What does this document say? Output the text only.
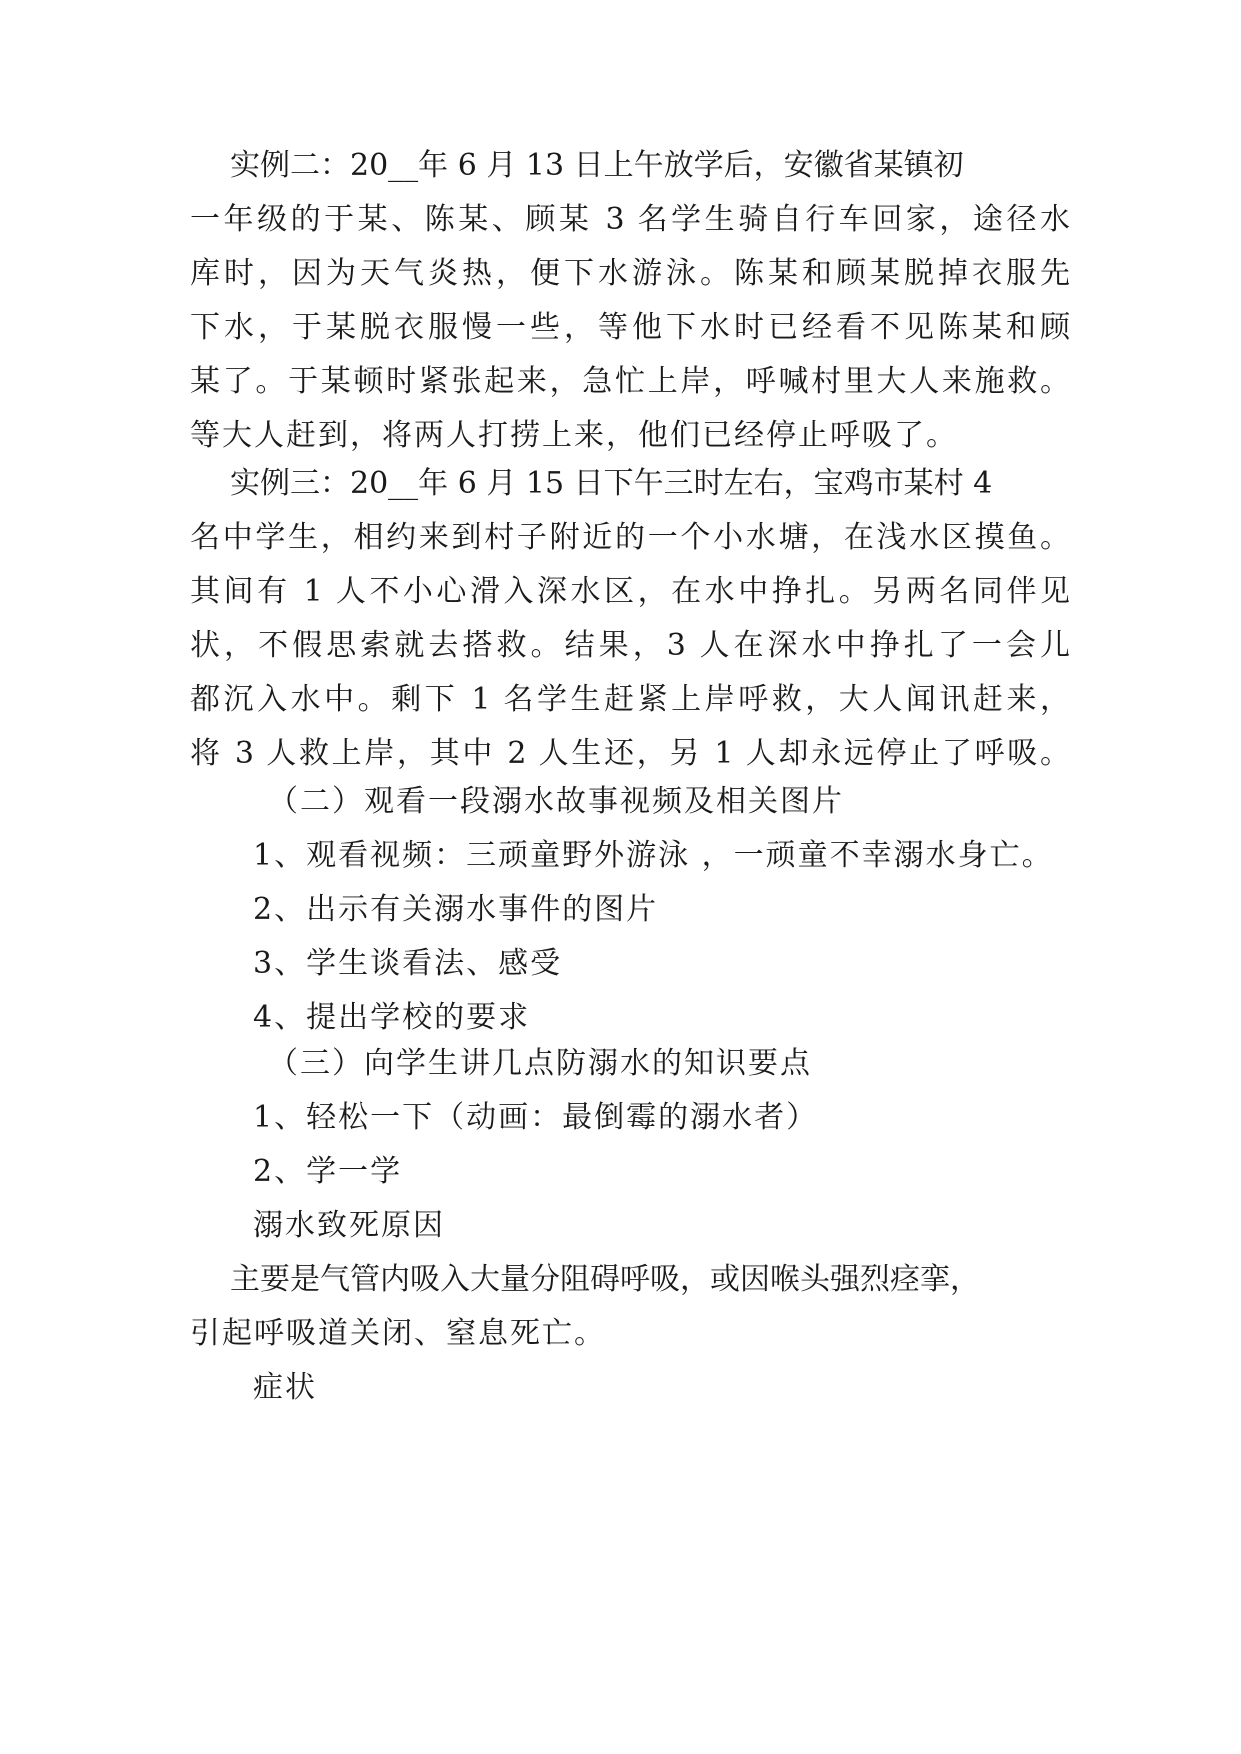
实例二：20__年 6 月 13 日上午放学后，安徽省某镇初
一年级的于某、陈某、顾某 3 名学生骑自行车回家，途径水
库时，因为天气炎热，便下水游泳。陈某和顾某脱掉衣服先
下水，于某脱衣服慢一些，等他下水时已经看不见陈某和顾
某了。于某顿时紧张起来，急忙上岸，呼喊村里大人来施救。
等大人赶到，将两人打捞上来，他们已经停止呼吸了。
实例三：20__年 6 月 15 日下午三时左右，宝鸡市某村 4
名中学生，相约来到村子附近的一个小水塘，在浅水区摸鱼。
其间有 1 人不小心滑入深水区，在水中挣扎。另两名同伴见
状，不假思索就去搭救。结果，3 人在深水中挣扎了一会儿
都沉入水中。剩下 1 名学生赶紧上岸呼救，大人闻讯赶来，
将 3 人救上岸，其中 2 人生还，另 1 人却永远停止了呼吸。
（二）观看一段溺水故事视频及相关图片
1、观看视频：三顽童野外游泳 ，一顽童不幸溺水身亡。
2、出示有关溺水事件的图片
3、学生谈看法、感受
4、提出学校的要求
（三）向学生讲几点防溺水的知识要点
1、轻松一下（动画：最倒霉的溺水者）
2、学一学
溺水致死原因
主要是气管内吸入大量分阻碍呼吸，或因喉头强烈痉挛，
引起呼吸道关闭、窒息死亡。
症状
